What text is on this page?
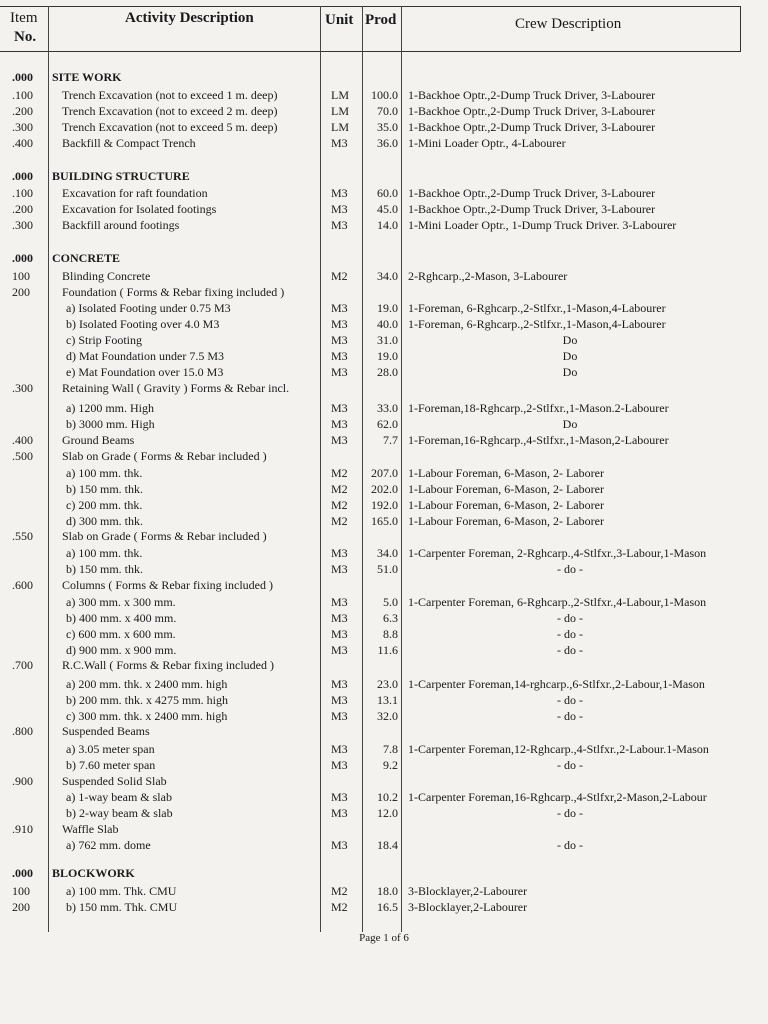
Item
No.
Activity Description	Unit Prod	Crew Description
.000 SITE WORK
.100 Trench Excavation (not to exceed 1 m. deep)	LM	100.0 1-Backhoe Optr.,2-Dump Truck Driver, 3-Labourer
.200 Trench Excavation (not to exceed 2 m. deep)	LM	70.0 1-Backhoe Optr.,2-Dump Truck Driver, 3-Labourer
.300 Trench Excavation (not to exceed 5 m. deep)	LM	35.0 1-Backhoe Optr.,2-Dump Truck Driver, 3-Labourer
.400 Backfill & Compact Trench	M3	36.0 1-Mini Loader Optr., 4-Labourer
.000 BUILDING STRUCTURE
.100 Excavation for raft foundation	M3	60.0 1-Backhoe Optr.,2-Dump Truck Driver, 3-Labourer
.200 Excavation for Isolated footings	M3	45.0 1-Backhoe Optr.,2-Dump Truck Driver, 3-Labourer
.300 Backfill around footings	M3	14.0 1-Mini Loader Optr., 1-Dump Truck Driver. 3-Labourer
.000 CONCRETE
100	Blinding Concrete	M2	34.0 2-Rghcarp.,2-Mason, 3-Labourer
200	Foundation ( Forms & Rebar fixing included )
a) Isolated Footing under 0.75 M3	M3	19.0 1-Foreman, 6-Rghcarp.,2-Stlfxr.,1-Mason,4-Labourer
b) Isolated Footing over 4.0 M3	M3	40.0 1-Foreman, 6-Rghcarp.,2-Stlfxr.,1-Mason,4-Labourer
c) Strip Footing	M3	31.0	Do
d) Mat Foundation under 7.5 M3	M3	19.0	Do
e) Mat Foundation over 15.0 M3	M3	28.0	Do
.300 Retaining Wall ( Gravity ) Forms & Rebar incl.
a) 1200 mm. High	M3	33.0 1-Foreman,18-Rghcarp.,2-Stlfxr.,1-Mason.2-Labourer
b) 3000 mm. High	M3	62.0	Do
.400 Ground Beams	M3	7.7 1-Foreman,16-Rghcarp.,4-Stlfxr.,1-Mason,2-Labourer
.500 Slab on Grade ( Forms & Rebar included )
a) 100 mm. thk.	M2	207.0 1-Labour Foreman, 6-Mason, 2- Laborer
b) 150 mm. thk.	M2	202.0 1-Labour Foreman, 6-Mason, 2- Laborer
c) 200 mm. thk.	M2	192.0 1-Labour Foreman, 6-Mason, 2- Laborer
d) 300 mm. thk.	M2	165.0 1-Labour Foreman, 6-Mason, 2- Laborer
.550 Slab on Grade ( Forms & Rebar included )
a) 100 mm. thk.	M3	34.0 1-Carpenter Foreman, 2-Rghcarp.,4-Stlfxr.,3-Labour,1-Mason
b) 150 mm. thk.	M3	51.0	- do -
.600 Columns ( Forms & Rebar fixing included )
a) 300 mm. x 300 mm.	M3	5.0 1-Carpenter Foreman, 6-Rghcarp.,2-Stlfxr.,4-Labour,1-Mason
b) 400 mm. x 400 mm.	M3	6.3	- do -
c) 600 mm. x 600 mm.	M3	8.8	- do -
d) 900 mm. x 900 mm.	M3	11.6	- do -
.700 R.C.Wall ( Forms & Rebar fixing included )
a) 200 mm. thk. x 2400 mm. high	M3	23.0 1-Carpenter Foreman,14-rghcarp.,6-Stlfxr.,2-Labour,1-Mason
b) 200 mm. thk. x 4275 mm. high	M3	13.1	- do -
c) 300 mm. thk. x 2400 mm. high	M3	32.0	- do -
.800 Suspended Beams
a) 3.05 meter span	M3	7.8 1-Carpenter Foreman,12-Rghcarp.,4-Stlfxr.,2-Labour.1-Mason
b) 7.60 meter span	M3	9.2	- do -
.900 Suspended Solid Slab
a) 1-way beam & slab	M3	10.2 1-Carpenter Foreman,16-Rghcarp.,4-Stlfxr,2-Mason,2-Labour
b) 2-way beam & slab	M3	12.0	- do -
.910 Waffle Slab
a) 762 mm. dome	M3	18.4	- do -
.000 BLOCKWORK
100	a) 100 mm. Thk. CMU	M2	18.0 3-Blocklayer,2-Labourer
200	b) 150 mm. Thk. CMU	M2	16.5 3-Blocklayer,2-Labourer
Page 1 of 6
